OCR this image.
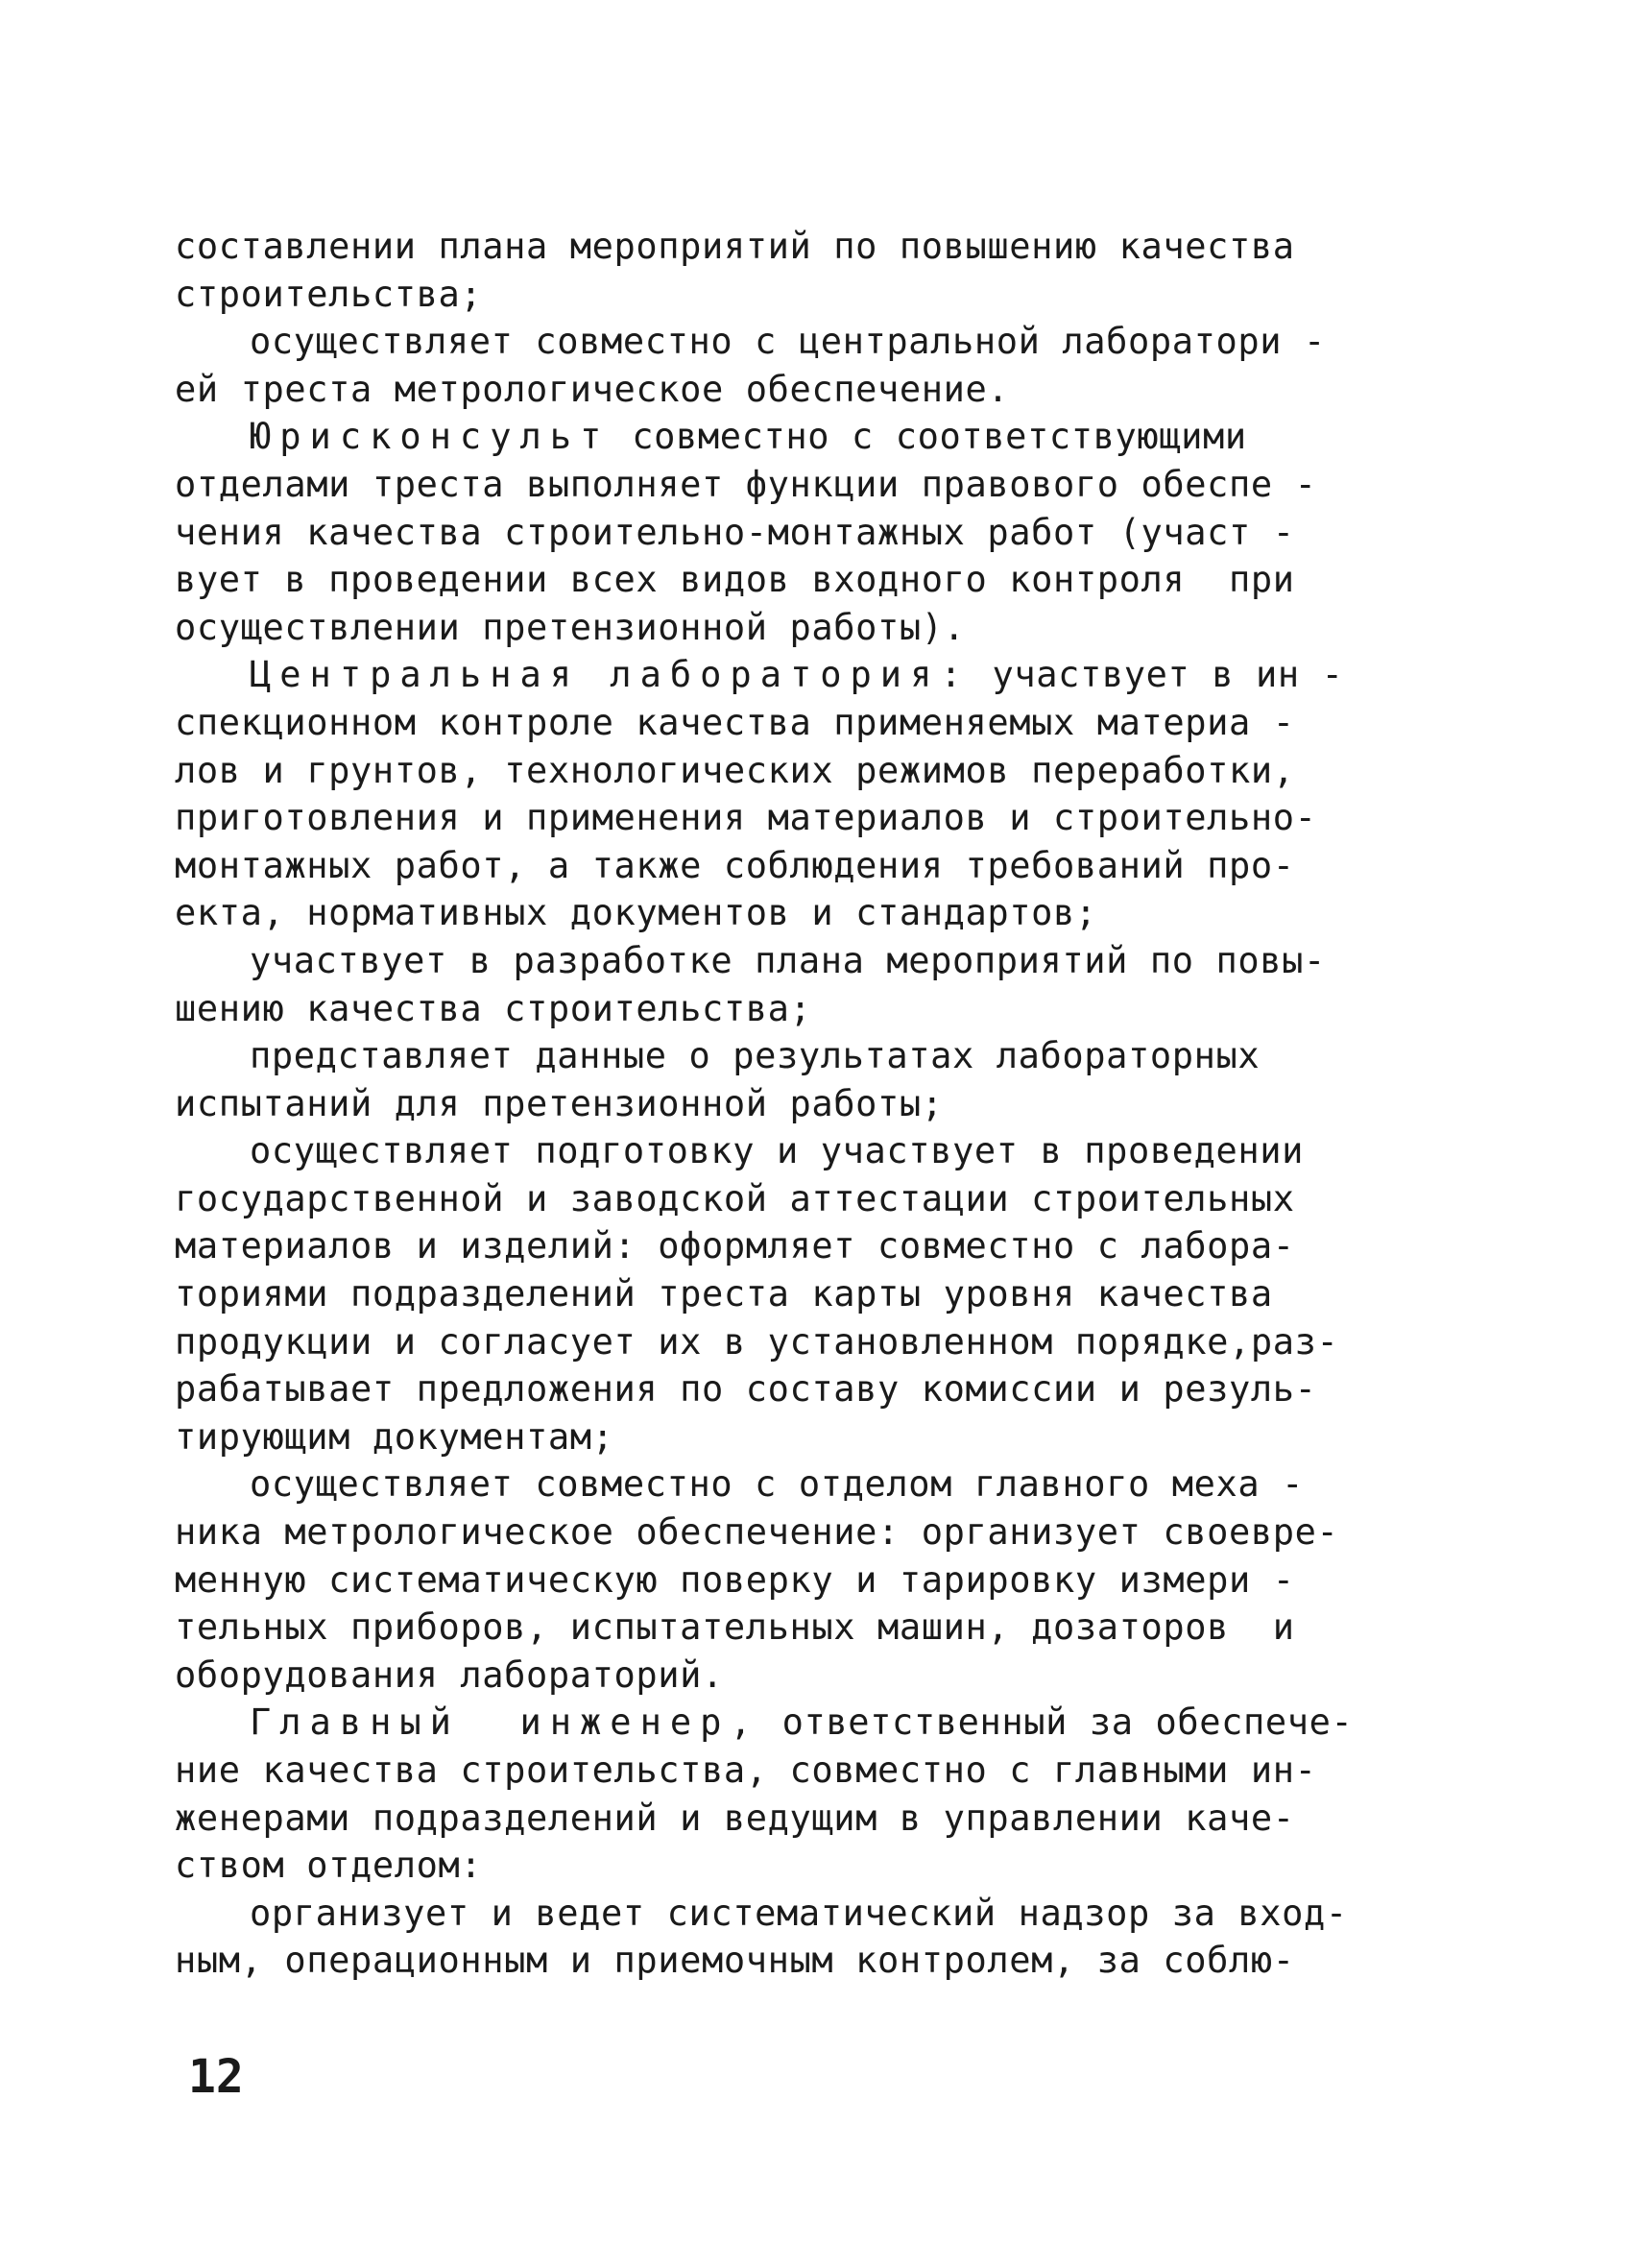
составлении плана мероприятий по повышению качества
строительства;
осуществляет совместно с центральной лаборатори -
ей треста метрологическое обеспечение.
Юрисконсульт совместно с соответствующими
отделами треста выполняет функции правового обеспе -
чения качества строительно-монтажных работ (участ -
вует в проведении всех видов входного контроля  при
осуществлении претензионной работы).
Центральная лаборатория: участвует в ин -
спекционном контроле качества применяемых материа -
лов и грунтов, технологических режимов переработки,
приготовления и применения материалов и строительно-
монтажных работ, а также соблюдения требований про-
екта, нормативных документов и стандартов;
участвует в разработке плана мероприятий по повы-
шению качества строительства;
представляет данные о результатах лабораторных
испытаний для претензионной работы;
осуществляет подготовку и участвует в проведении
государственной и заводской аттестации строительных
материалов и изделий: оформляет совместно с лабора-
ториями подразделений треста карты уровня качества
продукции и согласует их в установленном порядке,раз-
рабатывает предложения по составу комиссии и резуль-
тирующим документам;
осуществляет совместно с отделом главного меха -
ника метрологическое обеспечение: организует своевре-
менную систематическую поверку и тарировку измери -
тельных приборов, испытательных машин, дозаторов  и
оборудования лабораторий.
Главный  инженер, ответственный за обеспече-
ние качества строительства, совместно с главными ин-
женерами подразделений и ведущим в управлении каче-
ством отделом:
организует и ведет систематический надзор за вход-
ным, операционным и приемочным контролем, за соблю-
12
